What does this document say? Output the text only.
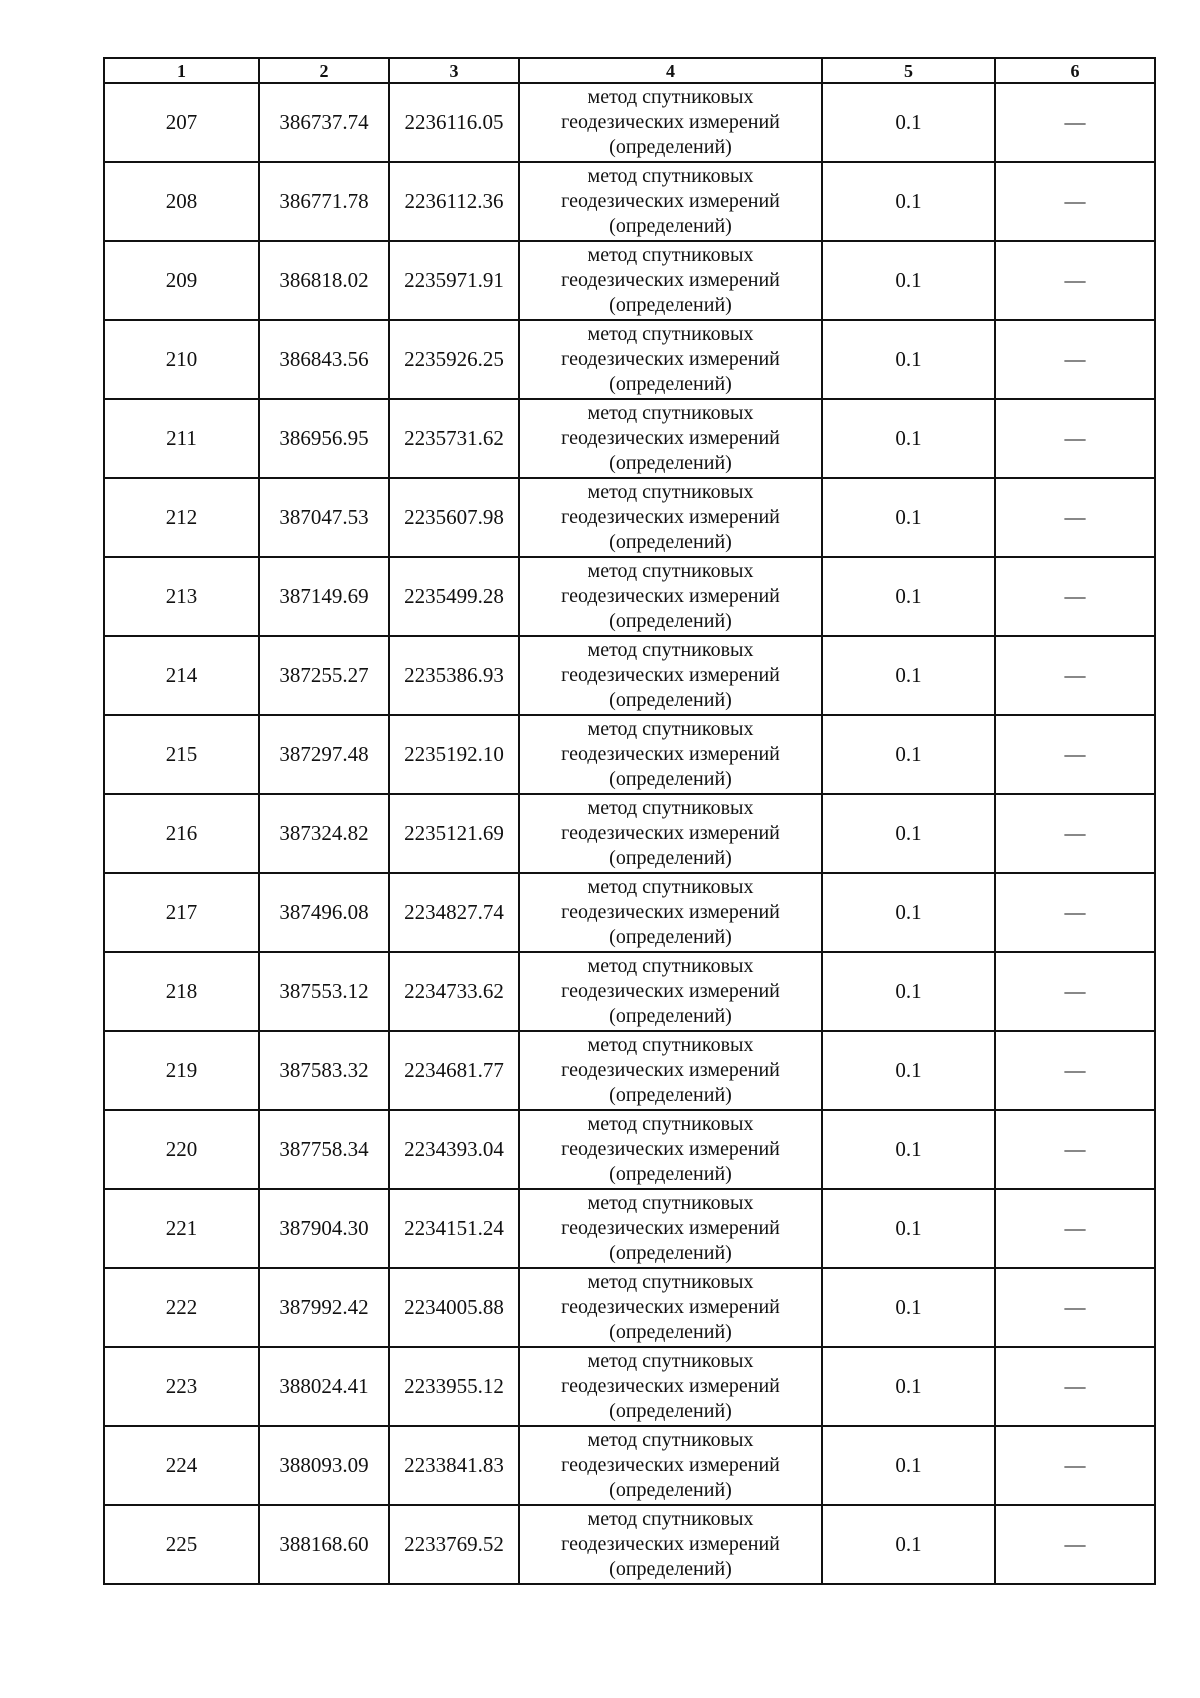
1	2	3	4	5	6
207	386737.74	2236116.05	метод спутниковых
геодезических измерений
(определений)	0.1	—
208	386771.78	2236112.36	метод спутниковых
геодезических измерений
(определений)	0.1	—
209	386818.02	2235971.91	метод спутниковых
геодезических измерений
(определений)	0.1	—
210	386843.56	2235926.25	метод спутниковых
геодезических измерений
(определений)	0.1	—
211	386956.95	2235731.62	метод спутниковых
геодезических измерений
(определений)	0.1	—
212	387047.53	2235607.98	метод спутниковых
геодезических измерений
(определений)	0.1	—
213	387149.69	2235499.28	метод спутниковых
геодезических измерений
(определений)	0.1	—
214	387255.27	2235386.93	метод спутниковых
геодезических измерений
(определений)	0.1	—
215	387297.48	2235192.10	метод спутниковых
геодезических измерений
(определений)	0.1	—
216	387324.82	2235121.69	метод спутниковых
геодезических измерений
(определений)	0.1	—
217	387496.08	2234827.74	метод спутниковых
геодезических измерений
(определений)	0.1	—
218	387553.12	2234733.62	метод спутниковых
геодезических измерений
(определений)	0.1	—
219	387583.32	2234681.77	метод спутниковых
геодезических измерений
(определений)	0.1	—
220	387758.34	2234393.04	метод спутниковых
геодезических измерений
(определений)	0.1	—
221	387904.30	2234151.24	метод спутниковых
геодезических измерений
(определений)	0.1	—
222	387992.42	2234005.88	метод спутниковых
геодезических измерений
(определений)	0.1	—
223	388024.41	2233955.12	метод спутниковых
геодезических измерений
(определений)	0.1	—
224	388093.09	2233841.83	метод спутниковых
геодезических измерений
(определений)	0.1	—
225	388168.60	2233769.52	метод спутниковых
геодезических измерений
(определений)	0.1	—
